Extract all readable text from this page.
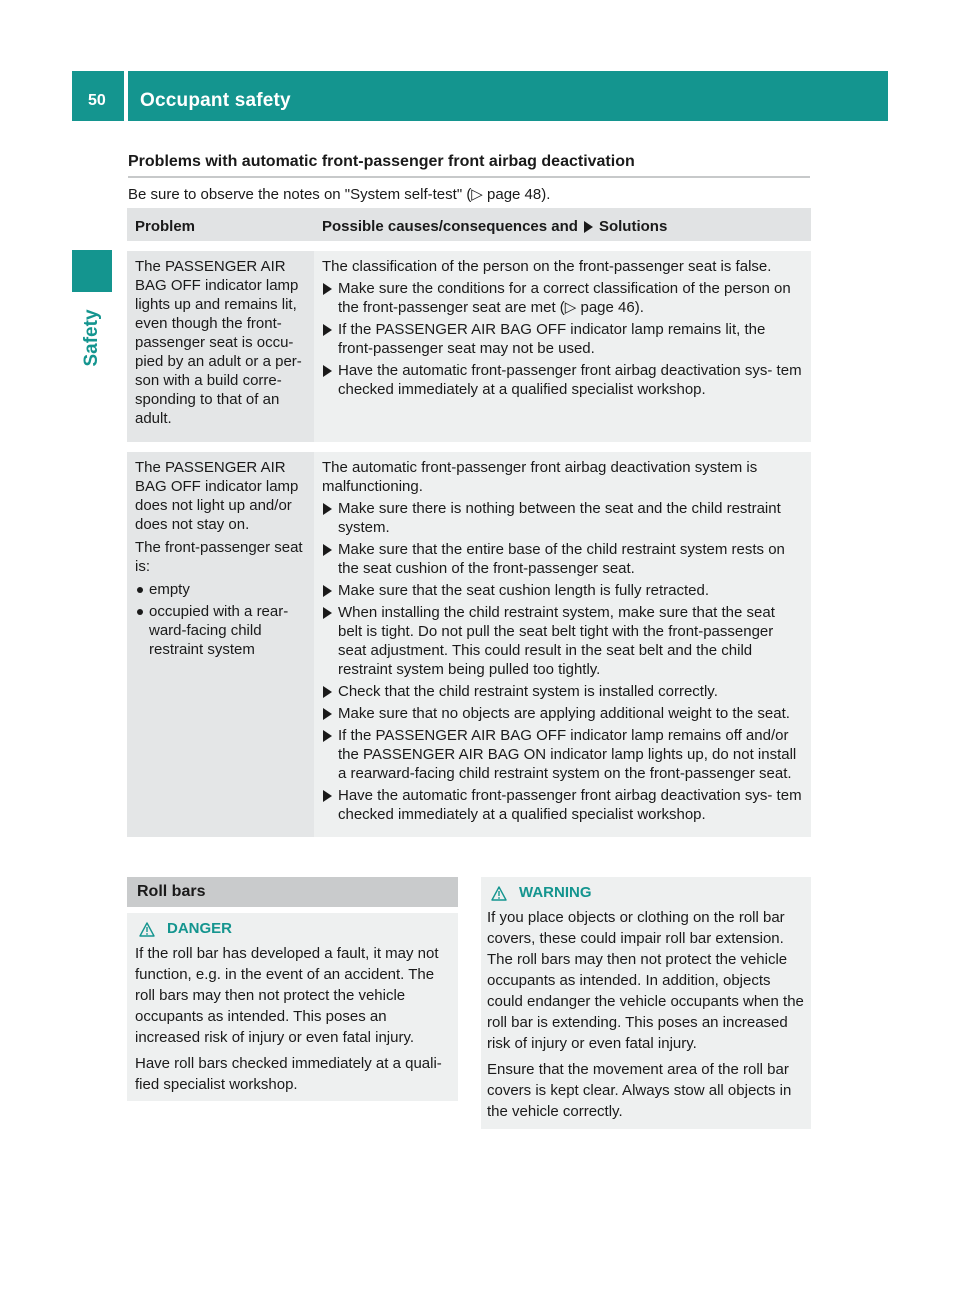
50	Occupant safety
Safety
Problems with automatic front-passenger front airbag deactivation
Be sure to observe the notes on "System self-test" (▷ page 48).
Problem	Possible causes/consequences and Solutions

The PASSENGER AIR BAG OFF indicator lamp lights up and remains lit, even though the front-passenger seat is occu- pied by an adult or a per- son with a build corre- sponding to that of an adult.

The classification of the person on the front-passenger seat is false.

Make sure the conditions for a correct classification of the person on the front-passenger seat are met (▷ page 46).
If the PASSENGER AIR BAG OFF indicator lamp remains lit, the front-passenger seat may not be used.
Have the automatic front-passenger front airbag deactivation sys- tem checked immediately at a qualified specialist workshop.

The PASSENGER AIR BAG OFF indicator lamp does not light up and/or does not stay on.

The front-passenger seat is:

empty
occupied with a rear- ward-facing child restraint system

The automatic front-passenger front airbag deactivation system is malfunctioning.

Make sure there is nothing between the seat and the child restraint system.
Make sure that the entire base of the child restraint system rests on the seat cushion of the front-passenger seat.
Make sure that the seat cushion length is fully retracted.
When installing the child restraint system, make sure that the seat belt is tight. Do not pull the seat belt tight with the front-passenger seat adjustment. This could result in the seat belt and the child restraint system being pulled too tightly.
Check that the child restraint system is installed correctly.
Make sure that no objects are applying additional weight to the seat.
If the PASSENGER AIR BAG OFF indicator lamp remains off and/or the PASSENGER AIR BAG ON indicator lamp lights up, do not install a rearward-facing child restraint system on the front-passenger seat.
Have the automatic front-passenger front airbag deactivation sys- tem checked immediately at a qualified specialist workshop.
Roll bars
DANGER

If the roll bar has developed a fault, it may not function, e.g. in the event of an accident. The roll bars may then not protect the vehicle occupants as intended. This poses an increased risk of injury or even fatal injury.

Have roll bars checked immediately at a quali- fied specialist workshop.

WARNING

If you place objects or clothing on the roll bar covers, these could impair roll bar extension. The roll bars may then not protect the vehicle occupants as intended. In addition, objects could endanger the vehicle occupants when the roll bar is extending. This poses an increased risk of injury or even fatal injury.

Ensure that the movement area of the roll bar covers is kept clear. Always stow all objects in the vehicle correctly.
